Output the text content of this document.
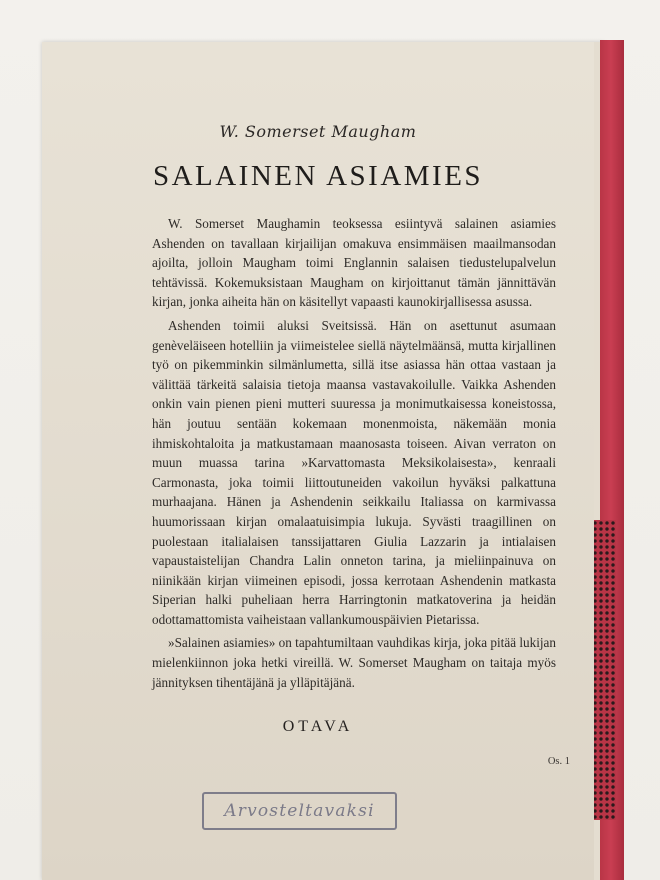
W. Somerset Maugham
SALAINEN ASIAMIES

W. Somerset Maughamin teoksessa esiintyvä salainen asiamies Ashenden on tavallaan kirjailijan omakuva ensimmäisen maailmansodan ajoilta, jolloin Maugham toimi Englannin salaisen tiedustelupalvelun tehtävissä. Kokemuksistaan Maugham on kirjoittanut tämän jännittävän kirjan, jonka aiheita hän on käsitellyt vapaasti kaunokirjallisessa asussa.

Ashenden toimii aluksi Sveitsissä. Hän on asettunut asumaan genèveläiseen hotelliin ja viimeistelee siellä näytelmäänsä, mutta kirjallinen työ on pikemminkin silmänlumetta, sillä itse asiassa hän ottaa vastaan ja välittää tärkeitä salaisia tietoja maansa vastavakoilulle. Vaikka Ashenden onkin vain pienen pieni mutteri suuressa ja monimutkaisessa koneistossa, hän joutuu sentään kokemaan monenmoista, näkemään monia ihmiskohtaloita ja matkustamaan maanosasta toiseen. Aivan verraton on muun muassa tarina »Karvattomasta Meksikolaisesta», kenraali Carmonasta, joka toimii liittoutuneiden vakoilun hyväksi palkattuna murhaajana. Hänen ja Ashendenin seikkailu Italiassa on karmivassa huumorissaan kirjan omalaatuisimpia lukuja. Syvästi traagillinen on puolestaan italialaisen tanssijattaren Giulia Lazzarin ja intialaisen vapaustaistelijan Chandra Lalin onneton tarina, ja mieliinpainuva on niinikään kirjan viimeinen episodi, jossa kerrotaan Ashendenin matkasta Siperian halki puheliaan herra Harringtonin matkatoverina ja heidän odottamattomista vaiheistaan vallankumouspäivien Pietarissa.

»Salainen asiamies» on tapahtumiltaan vauhdikas kirja, joka pitää lukijan mielenkiinnon joka hetki vireillä. W. Somerset Maugham on taitaja myös jännityksen tihentäjänä ja ylläpitäjänä.

OTAVA
Os. 1
Arvosteltavaksi
